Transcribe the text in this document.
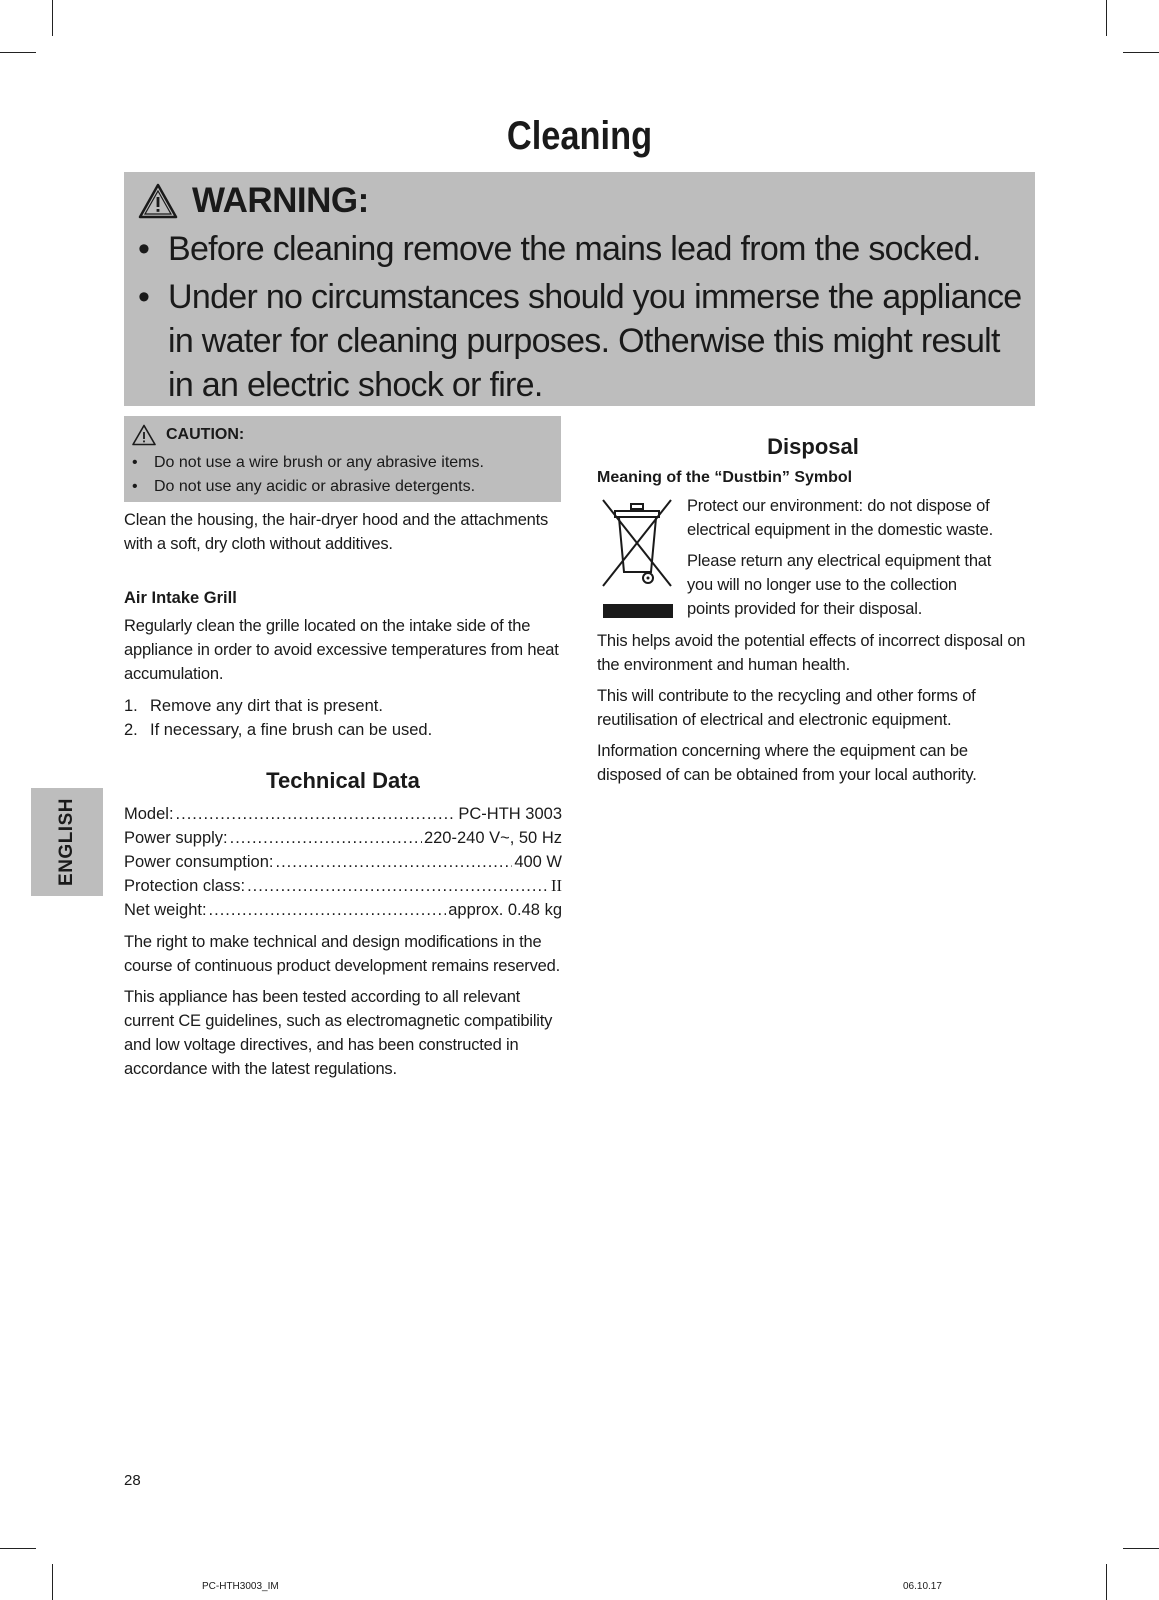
Cleaning
WARNING:
• Before cleaning remove the mains lead from the socked.
• Under no circumstances should you immerse the appliance in water for cleaning purposes. Otherwise this might result in an electric shock or fire.
CAUTION:
• Do not use a wire brush or any abrasive items.
• Do not use any acidic or abrasive detergents.

Clean the housing, the hair-dryer hood and the attachments with a soft, dry cloth without additives.

Air Intake Grill

Regularly clean the grille located on the intake side of the appliance in order to avoid excessive temperatures from heat accumulation.

1. Remove any dirt that is present.
2. If necessary, a fine brush can be used.
Technical Data
Model: .....	PC-HTH 3003
Power supply: .....	220-240 V~, 50 Hz
Power consumption: .....	400 W
Protection class: .....	II
Net weight: .....	approx. 0.48 kg

The right to make technical and design modifications in the course of continuous product development remains reserved.

This appliance has been tested according to all relevant current CE guidelines, such as electromagnetic compatibility and low voltage directives, and has been constructed in accordance with the latest regulations.

Disposal

Meaning of the “Dustbin” Symbol

Protect our environment: do not dispose of electrical equipment in the domestic waste.

Please return any electrical equipment that you will no longer use to the collection points provided for their disposal.

This helps avoid the potential effects of incorrect disposal on the environment and human health.

This will contribute to the recycling and other forms of reutilisation of electrical and electronic equipment.

Information concerning where the equipment can be disposed of can be obtained from your local authority.

ENGLISH
28
PC-HTH3003_IM	06.10.17
